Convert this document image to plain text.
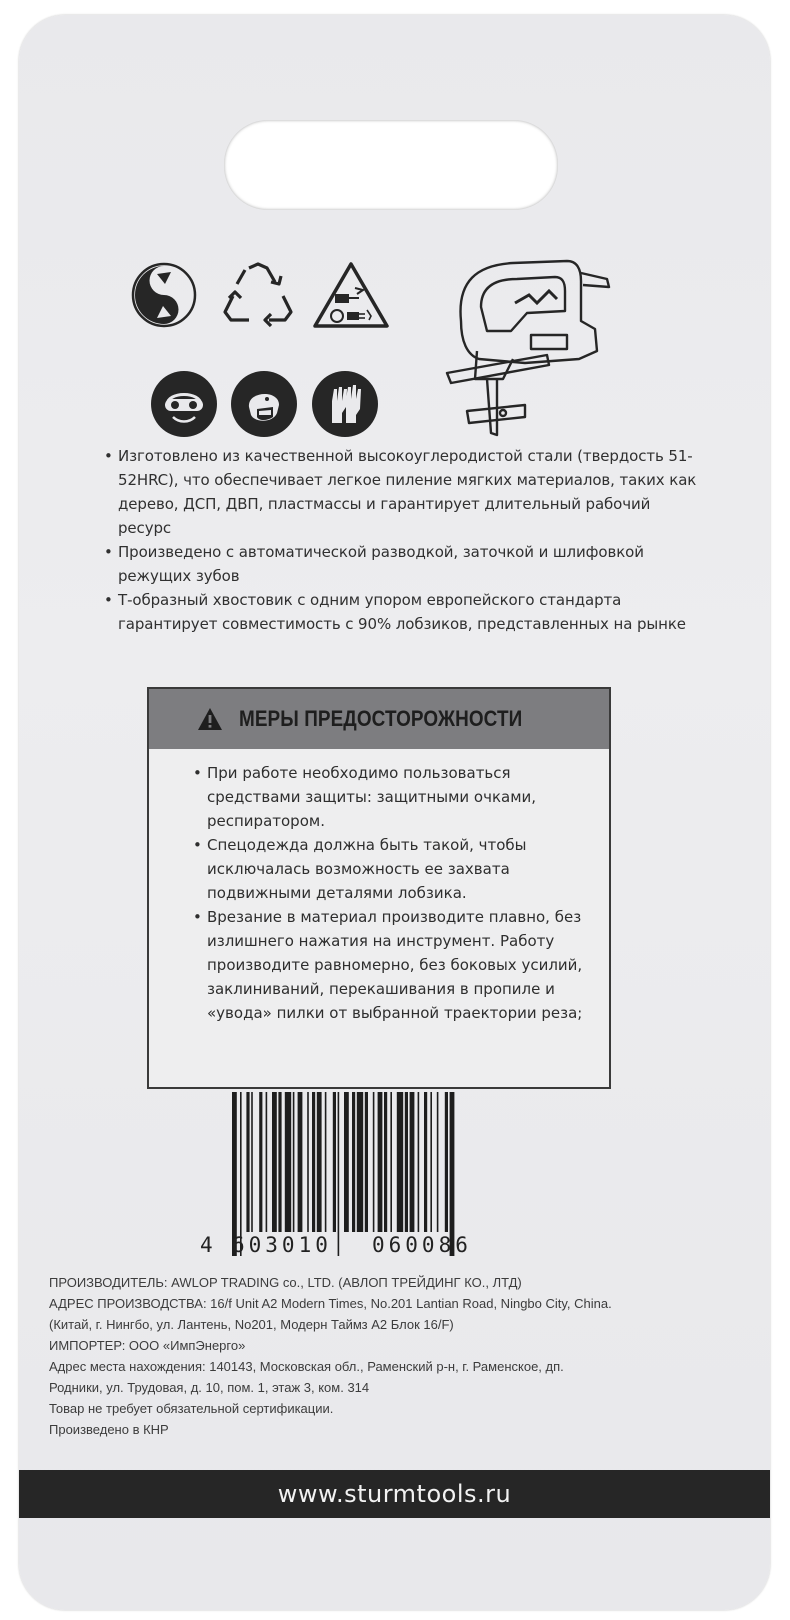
• Изготовлено из качественной высокоуглеродистой стали (твердость 51-52HRC), что обеспечивает легкое пиление мягких материалов, таких как дерево, ДСП, ДВП, пластмассы и гарантирует длительный рабочий ресурс
• Произведено с автоматической разводкой, заточкой и шлифовкой режущих зубов
• Т-образный хвостовик с одним упором европейского стандарта гарантирует совместимость с 90% лобзиков, представленных на рынке
МЕРЫ ПРЕДОСТОРОЖНОСТИ
• При работе необходимо пользоваться средствами защиты: защитными очками, респиратором.
• Спецодежда должна быть такой, чтобы исключалась возможность ее захвата подвижными деталями лобзика.
• Врезание в материал производите плавно, без излишнего нажатия на инструмент. Работу производите равномерно, без боковых усилий, заклиниваний, перекашивания в пропиле и «увода» пилки от выбранной траектории реза;
4 603010 060086
ПРОИЗВОДИТЕЛЬ: AWLOP TRADING co., LTD. (АВЛОП ТРЕЙДИНГ КО., ЛТД)
АДРЕС ПРОИЗВОДСТВА: 16/f Unit A2 Modern Times, No.201 Lantian Road, Ningbo City, China.
(Китай, г. Нингбо, ул. Лантень, No201, Модерн Таймз А2 Блок 16/F)
ИМПОРТЕР: ООО «ИмпЭнерго»
Адрес места нахождения: 140143, Московская обл., Раменский р-н, г. Раменское, дп.
Родники, ул. Трудовая, д. 10, пом. 1, этаж 3, ком. 314
Товар не требует обязательной сертификации.
Произведено в КНР
www.sturmtools.ru
